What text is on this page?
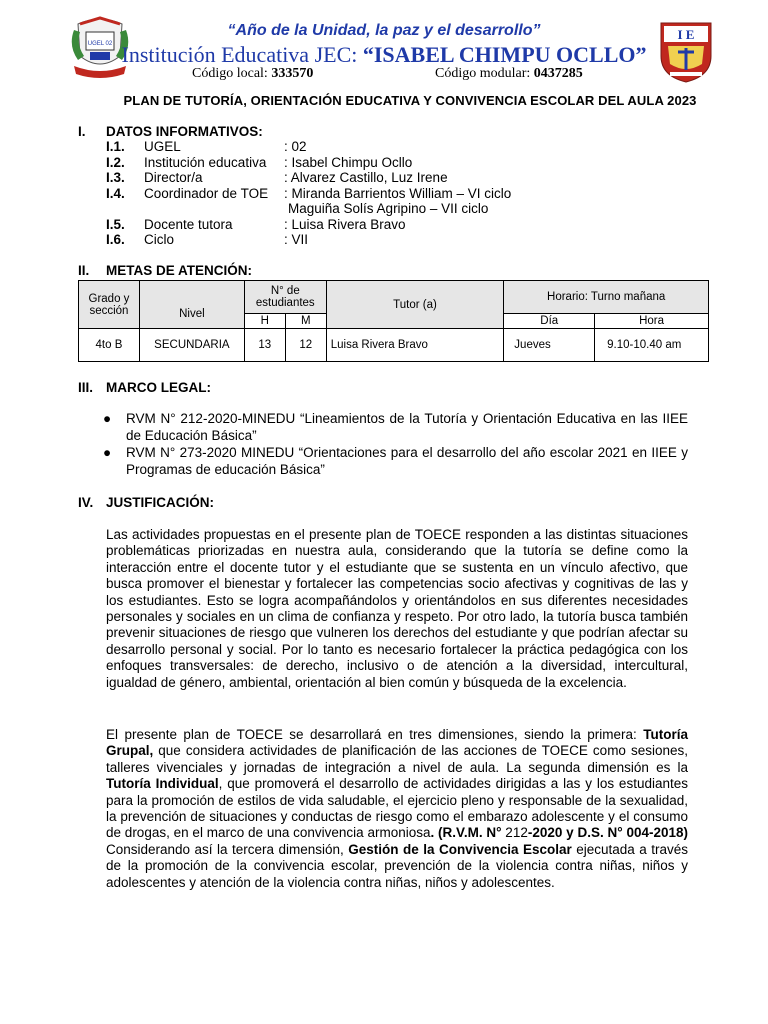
UGEL 02
“Año de la Unidad, la paz y el desarrollo”
Institución Educativa JEC: “ISABEL CHIMPU OCLLO”
Código local: 333570	Código modular: 0437285
I E
PLAN DE TUTORÍA, ORIENTACIÓN EDUCATIVA Y CONVIVENCIA ESCOLAR DEL AULA 2023
I. DATOS INFORMATIVOS:
I.1. UGEL	: 02
I.2. Institución educativa : Isabel Chimpu Ocllo
I.3. Director/a	: Alvarez Castillo, Luz Irene
I.4. Coordinador de TOE : Miranda Barrientos William – VI ciclo
Maguiña Solís Agripino – VII ciclo
I.5. Docente tutora	: Luisa Rivera Bravo
I.6. Ciclo	: VII
II. METAS DE ATENCIÓN:
Grado y sección	Nivel	N° de estudiantes		Tutor (a)	Horario: Turno mañana	
		H	M		Día	Hora
4to B	SECUNDARIA	13	12	Luisa Rivera Bravo	Jueves	9.10-10.40 am
III. MARCO LEGAL:
● RVM N° 212-2020-MINEDU “Lineamientos de la Tutoría y Orientación Educativa en las IIEE de Educación Básica”
● RVM N° 273-2020 MINEDU “Orientaciones para el desarrollo del año escolar 2021 en IIEE y Programas de educación Básica”
IV. JUSTIFICACIÓN:
Las actividades propuestas en el presente plan de TOECE responden a las distintas situaciones problemáticas priorizadas en nuestra aula, considerando que la tutoría se define como la interacción entre el docente tutor y el estudiante que se sustenta en un vínculo afectivo, que busca promover el bienestar y fortalecer las competencias socio afectivas y cognitivas de las y los estudiantes. Esto se logra acompañándolos y orientándolos en sus diferentes necesidades personales y sociales en un clima de confianza y respeto. Por otro lado, la tutoría busca también prevenir situaciones de riesgo que vulneren los derechos del estudiante y que podrían afectar su desarrollo personal y social. Por lo tanto es necesario fortalecer la práctica pedagógica con los enfoques transversales: de derecho, inclusivo o de atención a la diversidad, intercultural, igualdad de género, ambiental, orientación al bien común y búsqueda de la excelencia.
El presente plan de TOECE se desarrollará en tres dimensiones, siendo la primera: Tutoría Grupal, que considera actividades de planificación de las acciones de TOECE como sesiones, talleres vivenciales y jornadas de integración a nivel de aula. La segunda dimensión es la Tutoría Individual, que promoverá el desarrollo de actividades dirigidas a las y los estudiantes para la promoción de estilos de vida saludable, el ejercicio pleno y responsable de la sexualidad, la prevención de situaciones y conductas de riesgo como el embarazo adolescente y el consumo de drogas, en el marco de una convivencia armoniosa. (R.V.M. N° 212-2020 y D.S. N° 004-2018) Considerando así la tercera dimensión, Gestión de la Convivencia Escolar ejecutada a través de la promoción de la convivencia escolar, prevención de la violencia contra niñas, niños y adolescentes y atención de la violencia contra niñas, niños y adolescentes.
